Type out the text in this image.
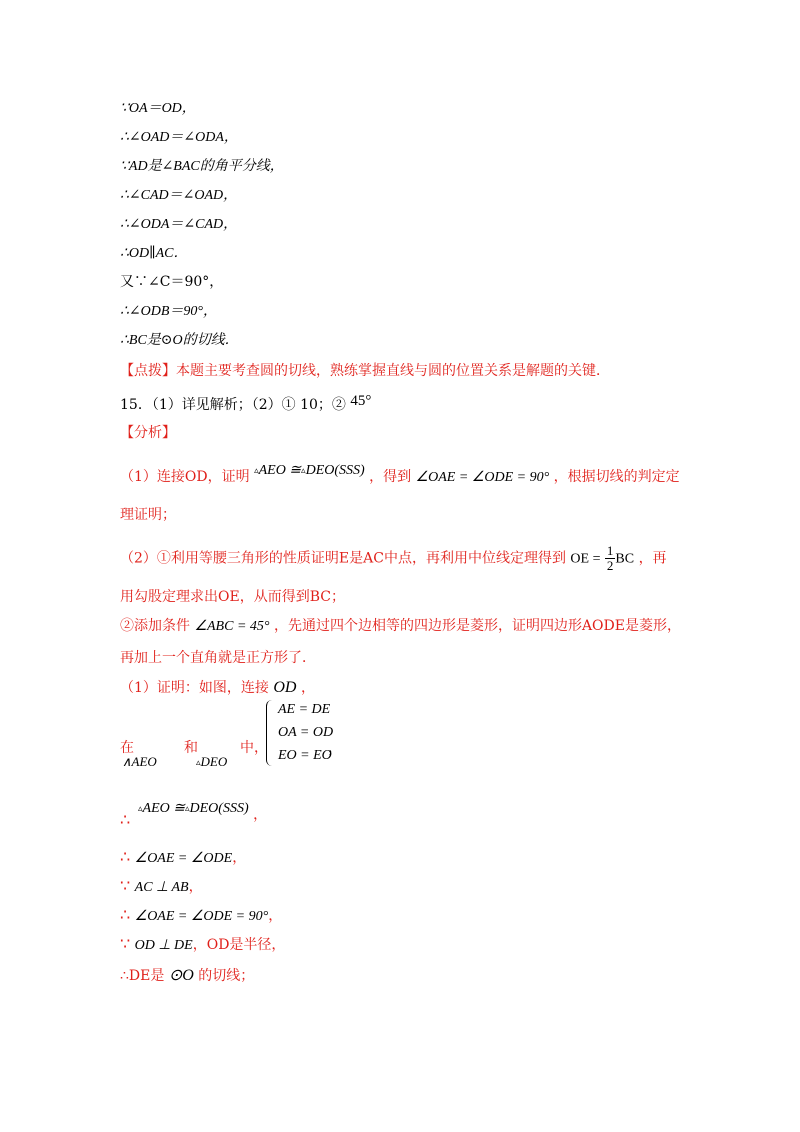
∵OA＝OD，
∴∠OAD＝∠ODA，
∵AD是∠BAC的角平分线，
∴∠CAD＝∠OAD，
∴∠ODA＝∠CAD，
∴OD∥AC．
又∵∠C＝90°，
∴∠ODB＝90°，
∴BC是⊙O的切线．
【点拨】本题主要考查圆的切线，熟练掌握直线与圆的位置关系是解题的关键．
15．（1）详见解析；（2）① 10；② 45°
【分析】
（1）连接OD，证明 ▵AEO ≅▵DEO(SSS) ，得到 ∠OAE = ∠ODE = 90° ，根据切线的判定定
理证明；
（2）①利用等腰三角形的性质证明E是AC中点，再利用中位线定理得到 OE = $\frac{1}{2}$ BC ，再
用勾股定理求出OE，从而得到BC；
②添加条件 ∠ABC = 45° ，先通过四个边相等的四边形是菱形，证明四边形AODE是菱形，
再加上一个直角就是正方形了．
（1）证明：如图，连接 OD ，
在
∧AEO
和
▵DEO
中，
AE = DE
OA = OD
EO = EO
，
▵AEO ≅▵DEO(SSS) ，
∴
∴ ∠OAE = ∠ODE，
∵ AC ⊥ AB，
∴ ∠OAE = ∠ODE = 90°，
∵ OD ⊥ DE，OD是半径，
∴DE是 ⊙O 的切线；
